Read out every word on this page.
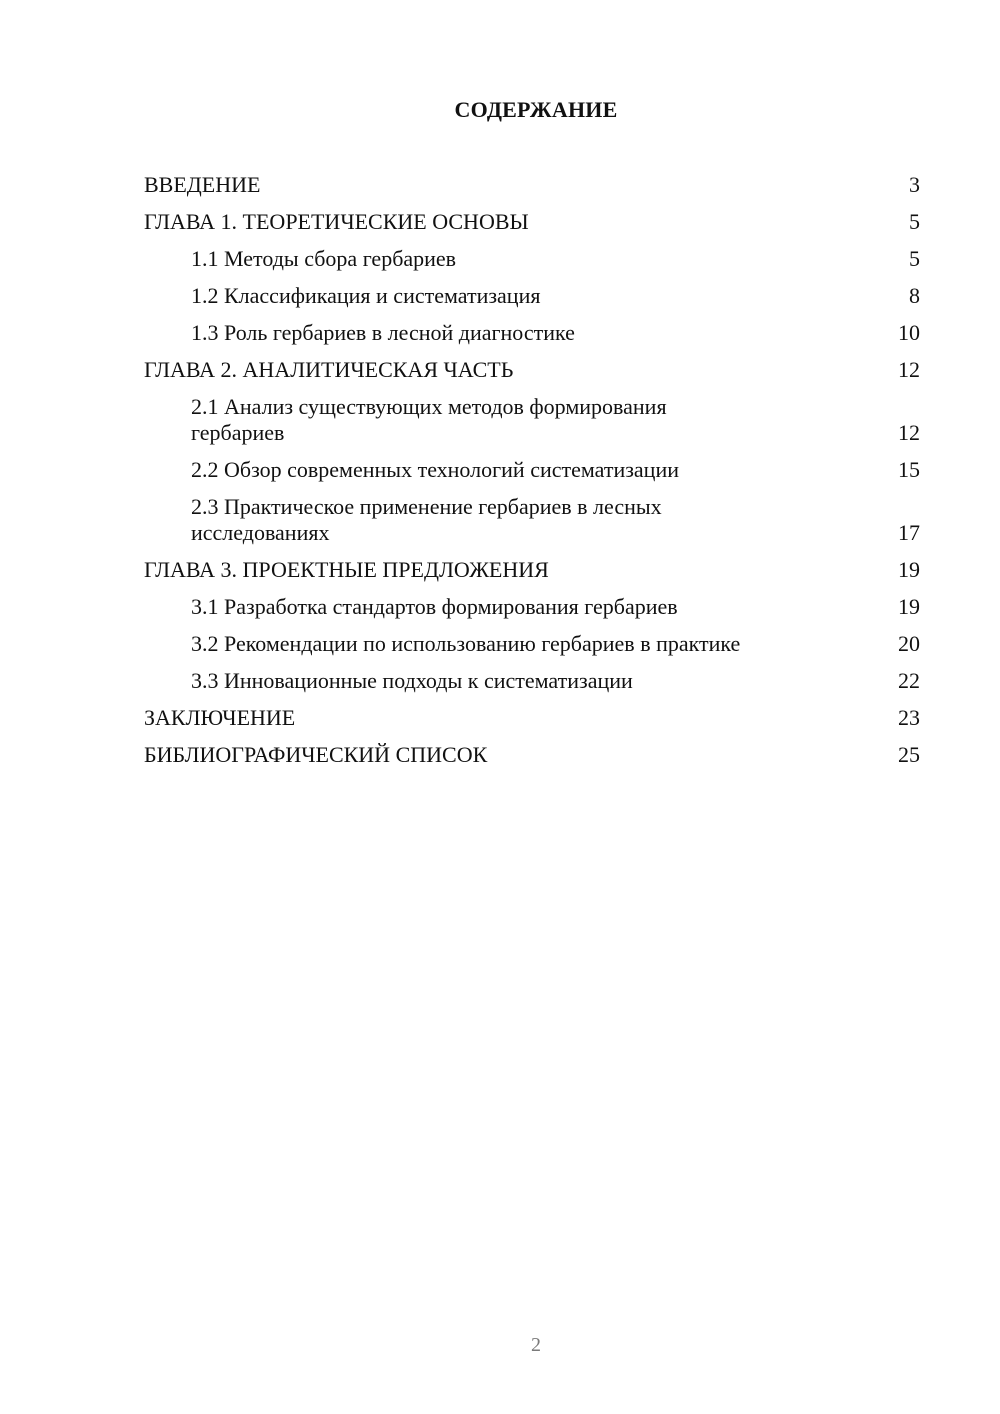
СОДЕРЖАНИЕ
ВВЕДЕНИЕ	3
ГЛАВА 1. ТЕОРЕТИЧЕСКИЕ ОСНОВЫ	5
1.1 Методы сбора гербариев	5
1.2 Классификация и систематизация	8
1.3 Роль гербариев в лесной диагностике	10
ГЛАВА 2. АНАЛИТИЧЕСКАЯ ЧАСТЬ	12
2.1 Анализ существующих методов формирования гербариев	12
2.2 Обзор современных технологий систематизации	15
2.3 Практическое применение гербариев в лесных исследованиях	17
ГЛАВА 3. ПРОЕКТНЫЕ ПРЕДЛОЖЕНИЯ	19
3.1 Разработка стандартов формирования гербариев	19
3.2 Рекомендации по использованию гербариев в практике	20
3.3 Инновационные подходы к систематизации	22
ЗАКЛЮЧЕНИЕ	23
БИБЛИОГРАФИЧЕСКИЙ СПИСОК	25
2
